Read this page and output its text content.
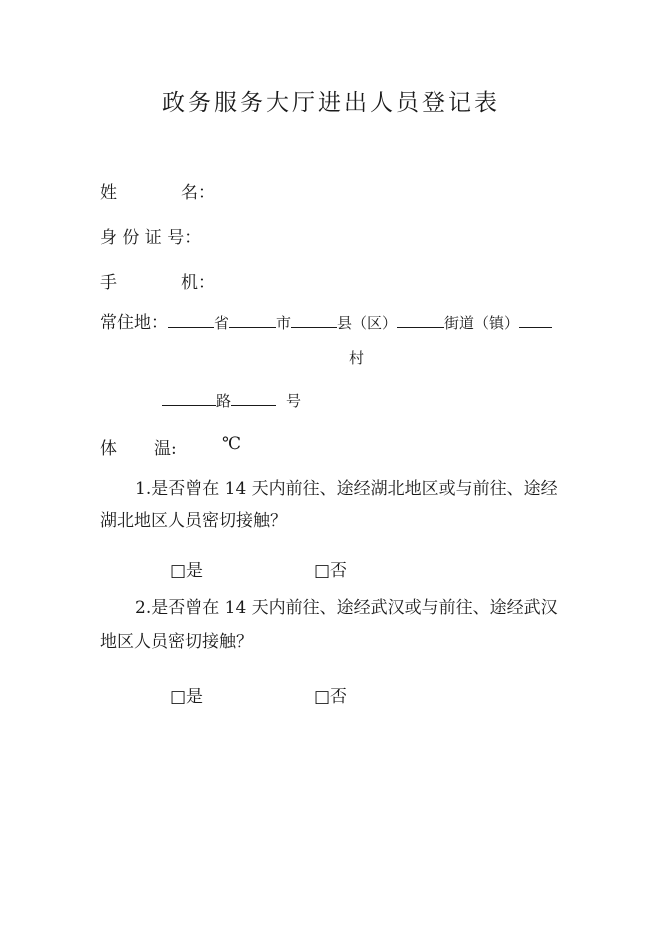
政务服务大厅进出人员登记表
姓	名：
身 份 证 号：
手	机：
常住地：	省	市	县（区）	街道（镇）
村
路	号
体 温:	℃
1.是否曾在 14 天内前往、途经湖北地区或与前往、途经
湖北地区人员密切接触？
□是	□否
2.是否曾在 14 天内前往、途经武汉或与前往、途经武汉
地区人员密切接触？
□是	□否
